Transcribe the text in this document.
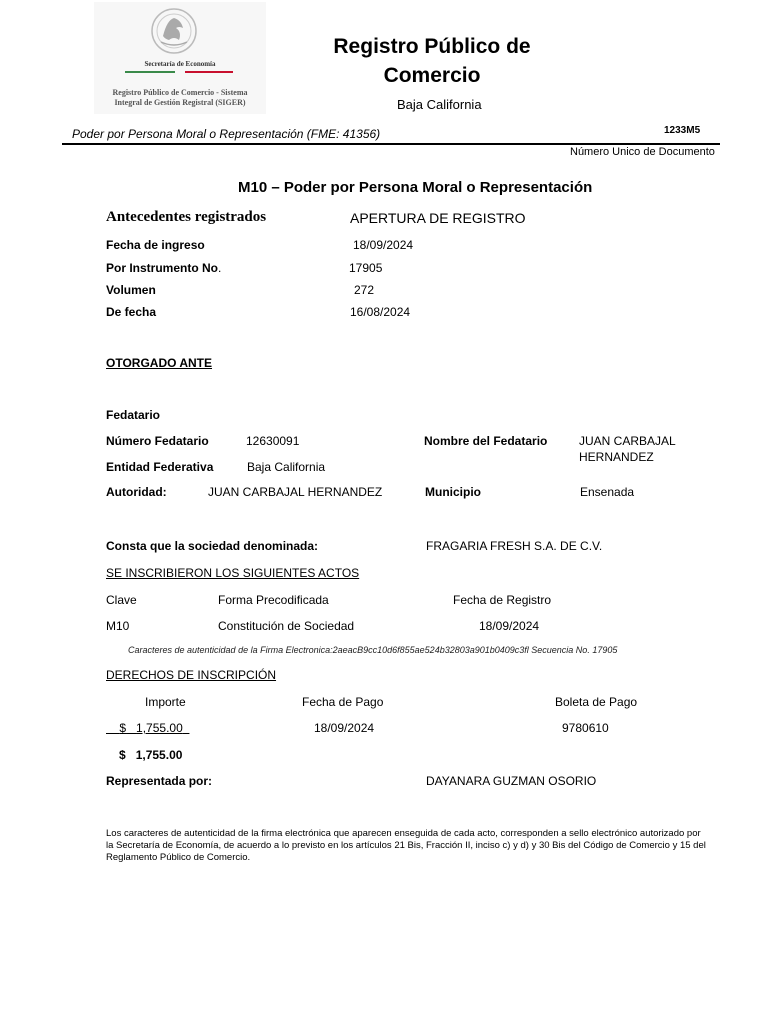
Secretaría de Economía
Registro Público de Comercio - Sistema
Integral de Gestión Registral (SIGER)
Registro Público de
Comercio
Baja California
Poder por Persona Moral o Representación (FME: 41356)	1233M5
Número Unico de Documento
M10 – Poder por Persona Moral o Representación
Antecedentes registrados	APERTURA DE REGISTRO
Fecha de ingreso	18/09/2024
Por Instrumento No.	17905
Volumen	272
De fecha	16/08/2024
OTORGADO ANTE
Fedatario
Número Fedatario	12630091	Nombre del Fedatario	JUAN CARBAJAL
HERNANDEZ
Entidad Federativa	Baja California
Autoridad:	JUAN CARBAJAL HERNANDEZ	Municipio	Ensenada
Consta que la sociedad denominada:	FRAGARIA FRESH S.A. DE C.V.
SE INSCRIBIERON LOS SIGUIENTES ACTOS
Clave	Forma Precodificada	Fecha de Registro
M10	Constitución de Sociedad	18/09/2024
Caracteres de autenticidad de la Firma Electronica:2aeacB9cc10d6f855ae524b32803a901b0409c3fl Secuencia No. 17905
DERECHOS DE INSCRIPCIÓN
Importe	Fecha de Pago	Boleta de Pago
$ 1,755.00	18/09/2024	9780610
$ 1,755.00
Representada por:	DAYANARA GUZMAN OSORIO
Los caracteres de autenticidad de la firma electrónica que aparecen enseguida de cada acto, corresponden a sello electrónico autorizado por la Secretaría de Economía, de acuerdo a lo previsto en los artículos 21 Bis, Fracción II, inciso c) y d) y 30 Bis del Código de Comercio y 15 del Reglamento Público de Comercio.
